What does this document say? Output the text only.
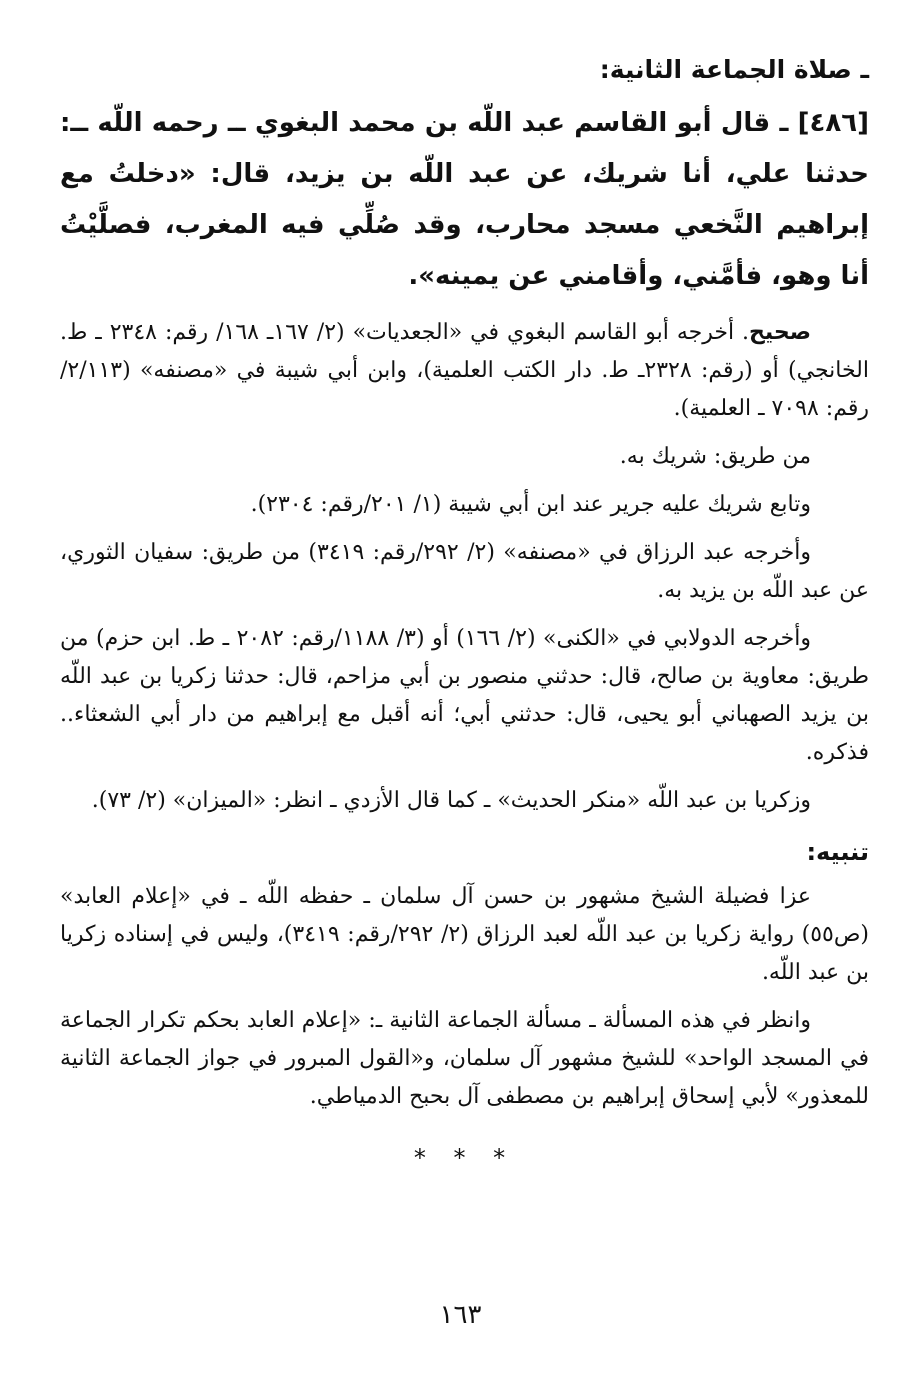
ـ صلاة الجماعة الثانية:

[٤٨٦] ـ قال أبو القاسم عبد اللّه بن محمد البغوي ــ رحمه اللّه ــ: حدثنا علي، أنا شريك، عن عبد اللّه بن يزيد، قال: «دخلتُ مع إبراهيم النَّخعي مسجد محارب، وقد صُلِّي فيه المغرب، فصلَّيْتُ أنا وهو، فأمَّني، وأقامني عن يمينه».

صحيح. أخرجه أبو القاسم البغوي في «الجعديات» (٢/ ١٦٧ـ ١٦٨/ رقم: ٢٣٤٨ ـ ط. الخانجي) أو (رقم: ٢٣٢٨ـ ط. دار الكتب العلمية)، وابن أبي شيبة في «مصنفه» (٢/١١٣/رقم: ٧٠٩٨ ـ العلمية).

من طريق: شريك به.

وتابع شريك عليه جرير عند ابن أبي شيبة (١/ ٢٠١/رقم: ٢٣٠٤).

وأخرجه عبد الرزاق في «مصنفه» (٢/ ٢٩٢/رقم: ٣٤١٩) من طريق: سفيان الثوري، عن عبد اللّه بن يزيد به.

وأخرجه الدولابي في «الكنى» (٢/ ١٦٦) أو (٣/ ١١٨٨/رقم: ٢٠٨٢ ـ ط. ابن حزم) من طريق: معاوية بن صالح، قال: حدثني منصور بن أبي مزاحم، قال: حدثنا زكريا بن عبد اللّه بن يزيد الصهباني أبو يحيى، قال: حدثني أبي؛ أنه أقبل مع إبراهيم من دار أبي الشعثاء.. فذكره.

وزكريا بن عبد اللّه «منكر الحديث» ـ كما قال الأزدي ـ انظر: «الميزان» (٢/ ٧٣).

تنبيه:

عزا فضيلة الشيخ مشهور بن حسن آل سلمان ـ حفظه اللّه ـ في «إعلام العابد» (ص٥٥) رواية زكريا بن عبد اللّه لعبد الرزاق (٢/ ٢٩٢/رقم: ٣٤١٩)، وليس في إسناده زكريا بن عبد اللّه.

وانظر في هذه المسألة ـ مسألة الجماعة الثانية ـ: «إعلام العابد بحكم تكرار الجماعة في المسجد الواحد» للشيخ مشهور آل سلمان، و«القول المبرور في جواز الجماعة الثانية للمعذور» لأبي إسحاق إبراهيم بن مصطفى آل بحبح الدمياطي.

* * *
١٦٣
